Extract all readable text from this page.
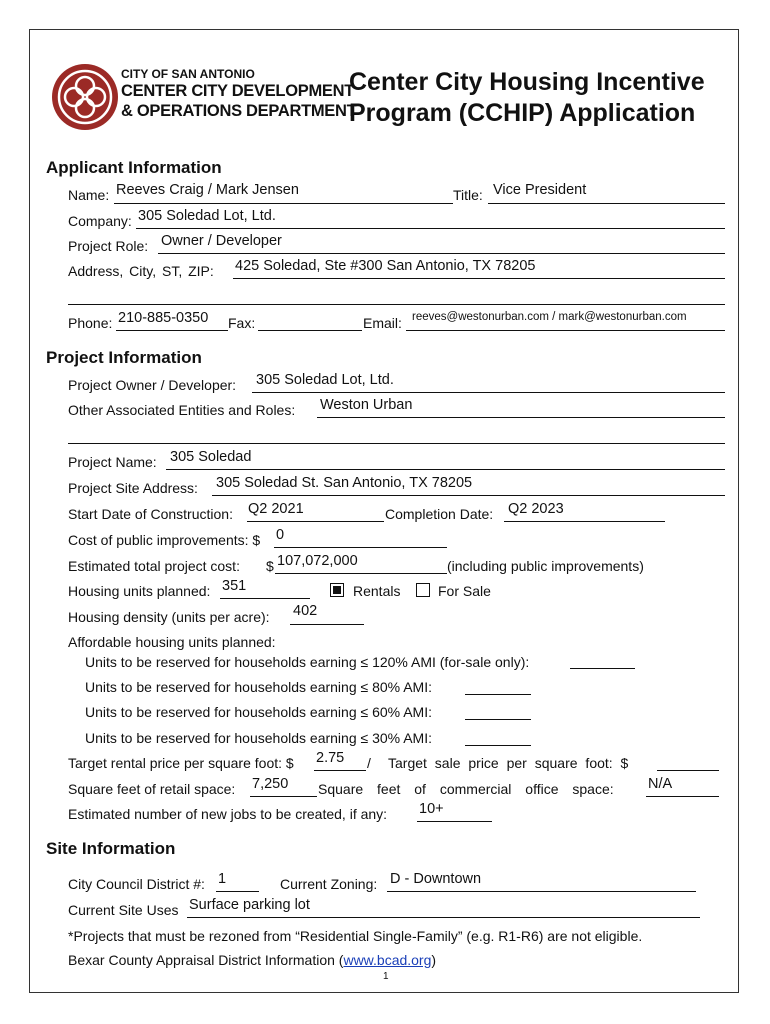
CITY OF SAN ANTONIO
CENTER CITY DEVELOPMENT
& OPERATIONS DEPARTMENT
Center City Housing Incentive
Program (CCHIP) Application
Applicant Information
Name: Reeves Craig / Mark Jensen	Title: Vice President
Company: 305 Soledad Lot, Ltd.
Project Role: Owner / Developer
Address, City, ST, ZIP: 425 Soledad, Ste #300 San Antonio, TX 78205
Phone: 210-885-0350 Fax:	Email: reeves@westonurban.com / mark@westonurban.com
Project Information
Project Owner / Developer: 305 Soledad Lot, Ltd.
Other Associated Entities and Roles: Weston Urban
Project Name: 305 Soledad
Project Site Address: 305 Soledad St. San Antonio, TX 78205
Start Date of Construction: Q2 2021	Completion Date: Q2 2023
Cost of public improvements: $ 0
Estimated total project cost: $ 107,072,000	(including public improvements)
Housing units planned: 351	Rentals	For Sale
Housing density (units per acre): 402
Affordable housing units planned:
Units to be reserved for households earning ≤ 120% AMI (for-sale only):
Units to be reserved for households earning ≤ 80% AMI:
Units to be reserved for households earning ≤ 60% AMI:
Units to be reserved for households earning ≤ 30% AMI:
Target rental price per square foot: $ 2.75 / Target sale price per square foot: $
Square feet of retail space: 7,250 Square feet of commercial office space: N/A
Estimated number of new jobs to be created, if any: 10+
Site Information
City Council District #: 1	Current Zoning: D - Downtown
Current Site Uses Surface parking lot
*Projects that must be rezoned from “Residential Single-Family” (e.g. R1-R6) are not eligible.
Bexar County Appraisal District Information (www.bcad.org)
1
